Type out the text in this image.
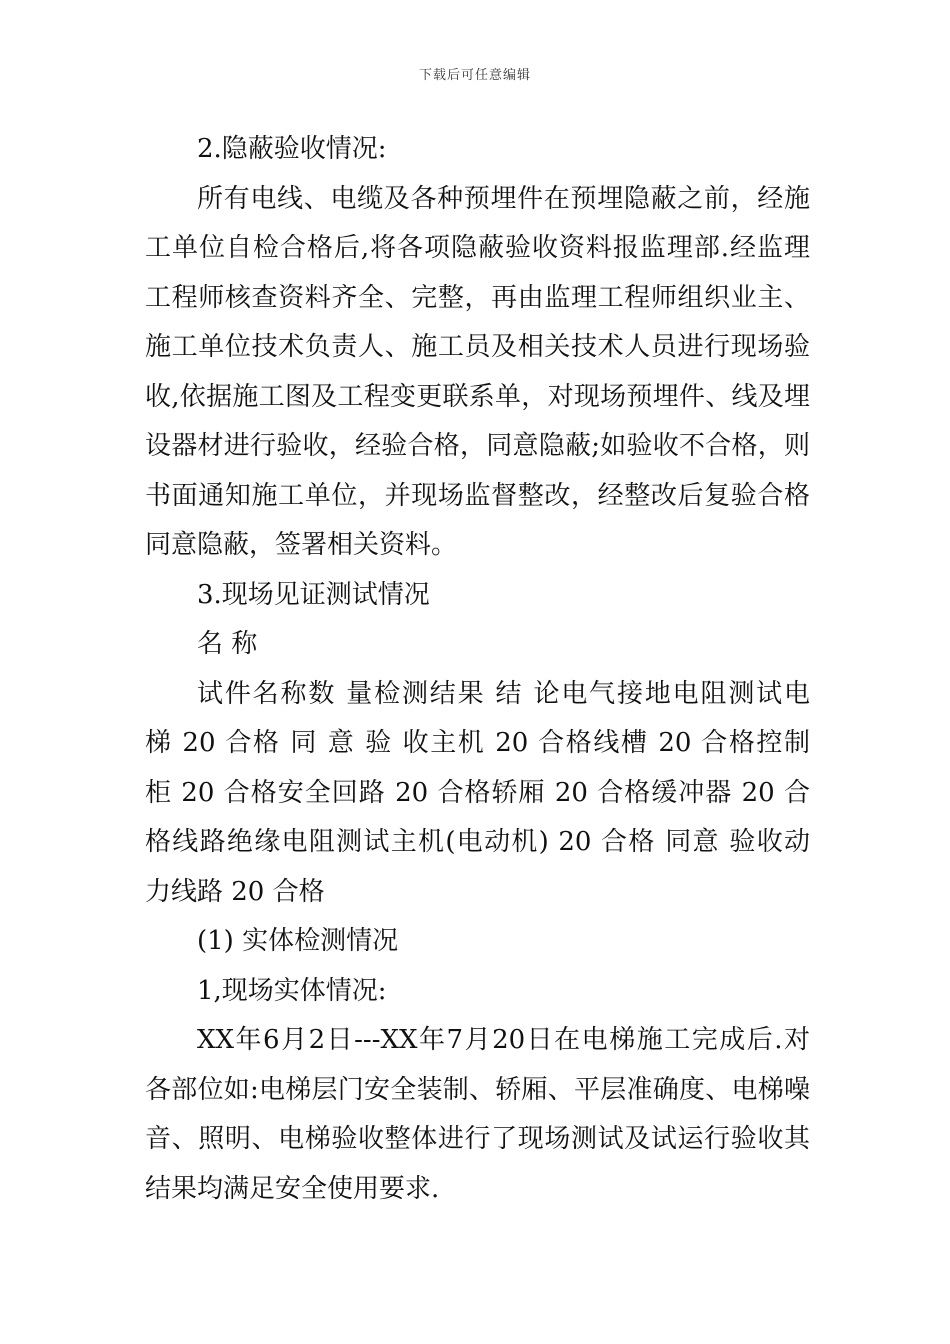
下载后可任意编辑
2.隐蔽验收情况:
所有电线、电缆及各种预埋件在预埋隐蔽之前，经施
工单位自检合格后,将各项隐蔽验收资料报监理部.经监理
工程师核查资料齐全、完整，再由监理工程师组织业主、
施工单位技术负责人、施工员及相关技术人员进行现场验
收,依据施工图及工程变更联系单，对现场预埋件、线及埋
设器材进行验收，经验合格，同意隐蔽;如验收不合格，则
书面通知施工单位，并现场监督整改，经整改后复验合格
同意隐蔽，签署相关资料。
3.现场见证测试情况
名 称
试件名称数 量检测结果 结 论电气接地电阻测试电
梯 20 合格 同 意 验 收主机 20 合格线槽 20 合格控制
柜 20 合格安全回路 20 合格轿厢 20 合格缓冲器 20 合
格线路绝缘电阻测试主机(电动机) 20 合格 同意 验收动
力线路 20 合格
(1) 实体检测情况
1,现场实体情况:
XX年6月2日---XX年7月20日在电梯施工完成后.对
各部位如:电梯层门安全装制、轿厢、平层准确度、电梯噪
音、照明、电梯验收整体进行了现场测试及试运行验收其
结果均满足安全使用要求.
